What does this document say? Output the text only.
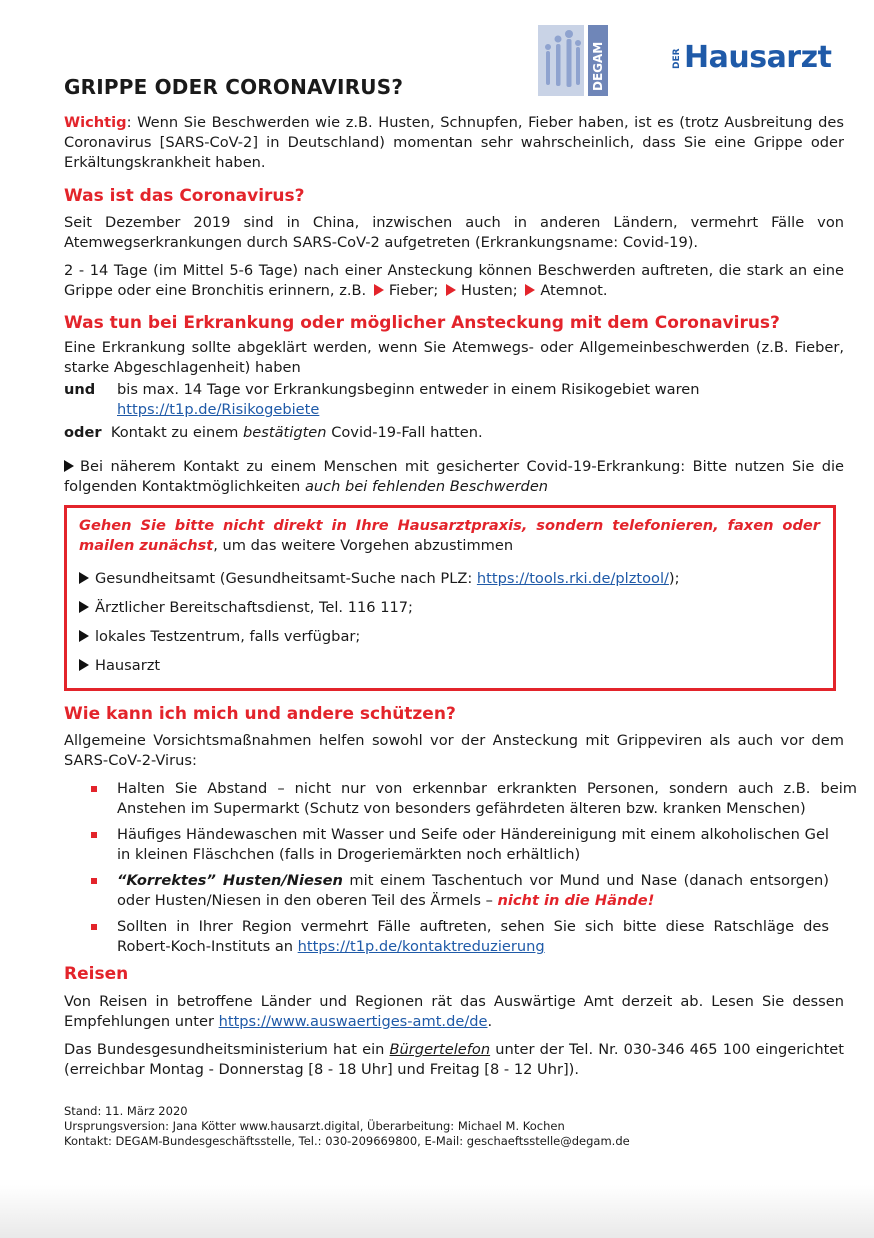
DEGAM	DER Hausarzt
GRIPPE ODER CORONAVIRUS?

Wichtig: Wenn Sie Beschwerden wie z.B. Husten, Schnupfen, Fieber haben, ist es (trotz Ausbreitung des Coronavirus [SARS-CoV-2] in Deutschland) momentan sehr wahrscheinlich, dass Sie eine Grippe oder Erkältungskrankheit haben.

Was ist das Coronavirus?

Seit Dezember 2019 sind in China, inzwischen auch in anderen Ländern, vermehrt Fälle von Atemwegserkrankungen durch SARS-CoV-2 aufgetreten (Erkrankungsname: Covid-19).

2 - 14 Tage (im Mittel 5-6 Tage) nach einer Ansteckung können Beschwerden auftreten, die stark an eine Grippe oder eine Bronchitis erinnern, z.B. Fieber; Husten; Atemnot.

Was tun bei Erkrankung oder möglicher Ansteckung mit dem Coronavirus?

Eine Erkrankung sollte abgeklärt werden, wenn Sie Atemwegs- oder Allgemeinbeschwerden (z.B. Fieber, starke Abgeschlagenheit) haben

und bis max. 14 Tage vor Erkrankungsbeginn entweder in einem Risikogebiet waren
https://t1p.de/Risikogebiete

oder Kontakt zu einem bestätigten Covid-19-Fall hatten.

Bei näherem Kontakt zu einem Menschen mit gesicherter Covid-19-Erkrankung: Bitte nutzen Sie die folgenden Kontaktmöglichkeiten auch bei fehlenden Beschwerden

Gehen Sie bitte nicht direkt in Ihre Hausarztpraxis, sondern telefonieren, faxen oder mailen zunächst, um das weitere Vorgehen abzustimmen

Gesundheitsamt (Gesundheitsamt-Suche nach PLZ: https://tools.rki.de/plztool/);

Ärztlicher Bereitschaftsdienst, Tel. 116 117;

lokales Testzentrum, falls verfügbar;

Hausarzt

Wie kann ich mich und andere schützen?

Allgemeine Vorsichtsmaßnahmen helfen sowohl vor der Ansteckung mit Grippeviren als auch vor dem SARS-CoV-2-Virus:

Halten Sie Abstand – nicht nur von erkennbar erkrankten Personen, sondern auch z.B. beim Anstehen im Supermarkt (Schutz von besonders gefährdeten älteren bzw. kranken Menschen)

Häufiges Händewaschen mit Wasser und Seife oder Händereinigung mit einem alkoholischen Gel in kleinen Fläschchen (falls in Drogeriemärkten noch erhältlich)

“Korrektes” Husten/Niesen mit einem Taschentuch vor Mund und Nase (danach entsorgen) oder Husten/Niesen in den oberen Teil des Ärmels – nicht in die Hände!

Sollten in Ihrer Region vermehrt Fälle auftreten, sehen Sie sich bitte diese Ratschläge des Robert-Koch-Instituts an https://t1p.de/kontaktreduzierung

Reisen

Von Reisen in betroffene Länder und Regionen rät das Auswärtige Amt derzeit ab. Lesen Sie dessen Empfehlungen unter https://www.auswaertiges-amt.de/de.

Das Bundesgesundheitsministerium hat ein Bürgertelefon unter der Tel. Nr. 030-346 465 100 eingerichtet (erreichbar Montag - Donnerstag [8 - 18 Uhr] und Freitag [8 - 12 Uhr]).

Stand: 11. März 2020

Ursprungsversion: Jana Kötter www.hausarzt.digital, Überarbeitung: Michael M. Kochen

Kontakt: DEGAM-Bundesgeschäftsstelle, Tel.: 030-209669800, E-Mail: geschaeftsstelle@degam.de
